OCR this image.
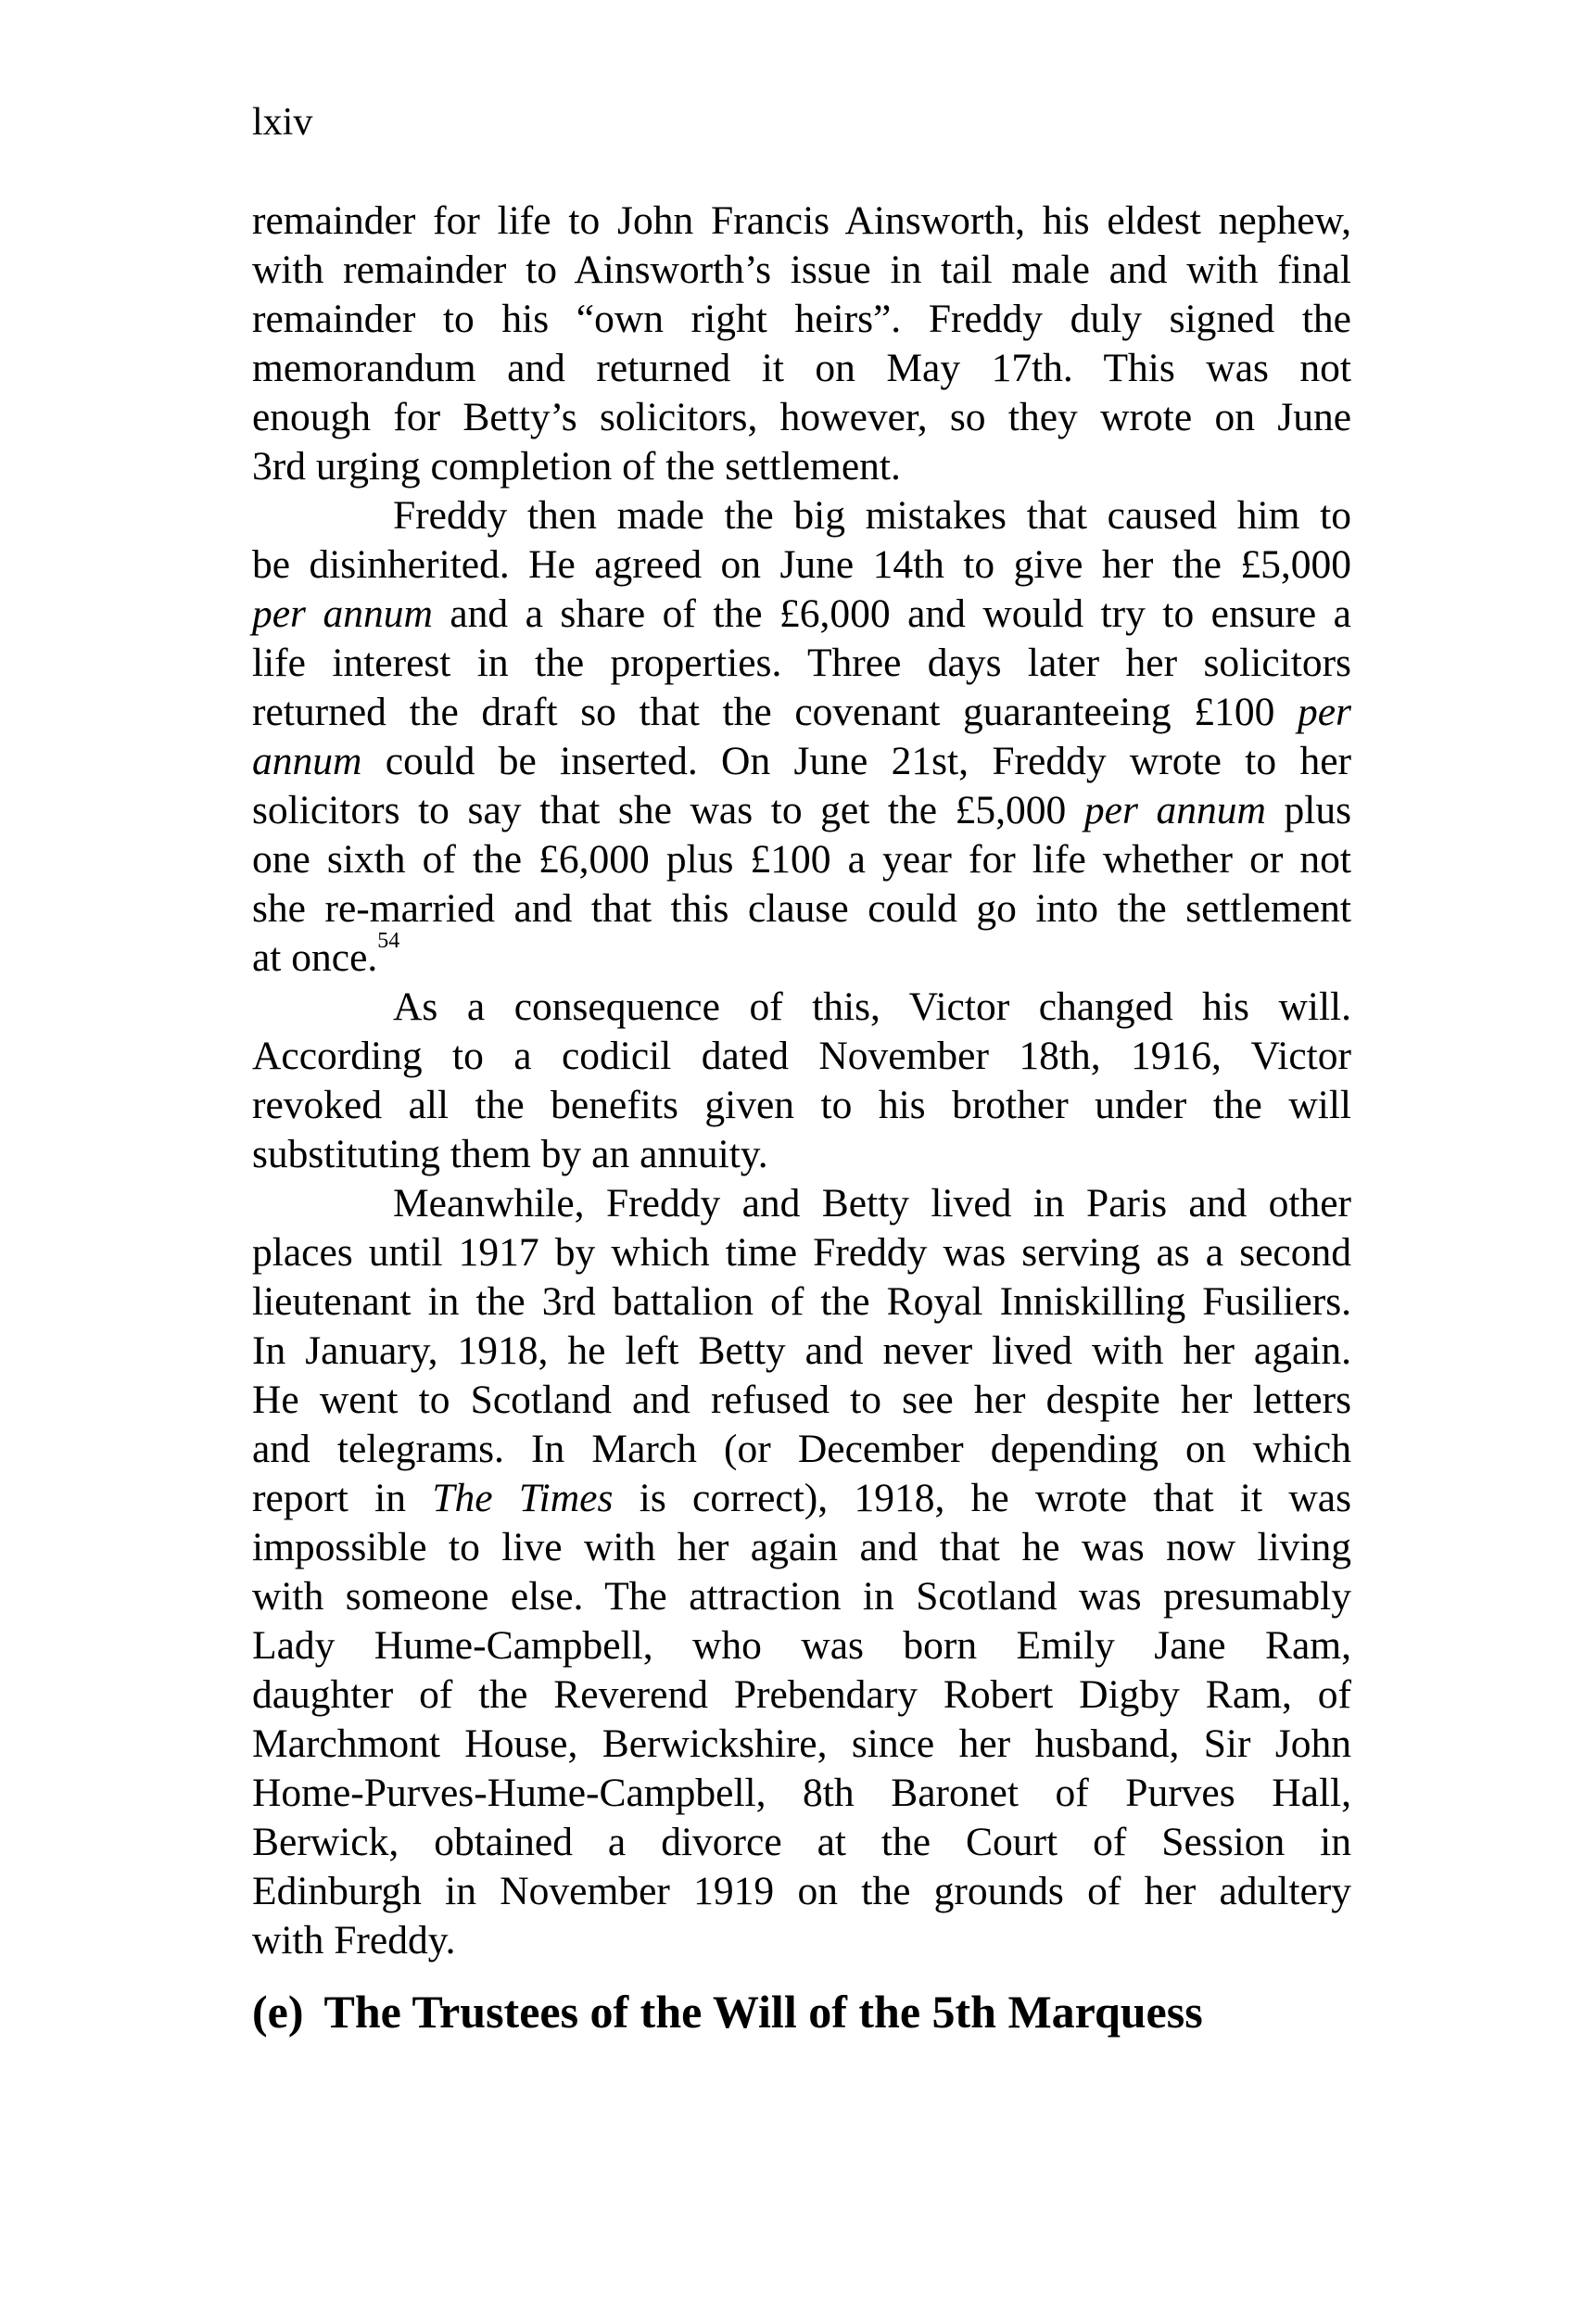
lxiv
remainder for life to John Francis Ainsworth, his eldest nephew,
with remainder to Ainsworth’s issue in tail male and with final
remainder to his “own right heirs”. Freddy duly signed the
memorandum and returned it on May 17th. This was not
enough for Betty’s solicitors, however, so they wrote on June
3rd urging completion of the settlement.
Freddy then made the big mistakes that caused him to
be disinherited. He agreed on June 14th to give her the £5,000
per annum and a share of the £6,000 and would try to ensure a
life interest in the properties. Three days later her solicitors
returned the draft so that the covenant guaranteeing £100 per
annum could be inserted. On June 21st, Freddy wrote to her
solicitors to say that she was to get the £5,000 per annum plus
one sixth of the £6,000 plus £100 a year for life whether or not
she re-married and that this clause could go into the settlement
at once.$^{54}$
As a consequence of this, Victor changed his will.
According to a codicil dated November 18th, 1916, Victor
revoked all the benefits given to his brother under the will
substituting them by an annuity.
Meanwhile, Freddy and Betty lived in Paris and other
places until 1917 by which time Freddy was serving as a second
lieutenant in the 3rd battalion of the Royal Inniskilling Fusiliers.
In January, 1918, he left Betty and never lived with her again.
He went to Scotland and refused to see her despite her letters
and telegrams. In March (or December depending on which
report in The Times is correct), 1918, he wrote that it was
impossible to live with her again and that he was now living
with someone else. The attraction in Scotland was presumably
Lady Hume-Campbell, who was born Emily Jane Ram,
daughter of the Reverend Prebendary Robert Digby Ram, of
Marchmont House, Berwickshire, since her husband, Sir John
Home-Purves-Hume-Campbell, 8th Baronet of Purves Hall,
Berwick, obtained a divorce at the Court of Session in
Edinburgh in November 1919 on the grounds of her adultery
with Freddy.
(e) The Trustees of the Will of the 5th Marquess
